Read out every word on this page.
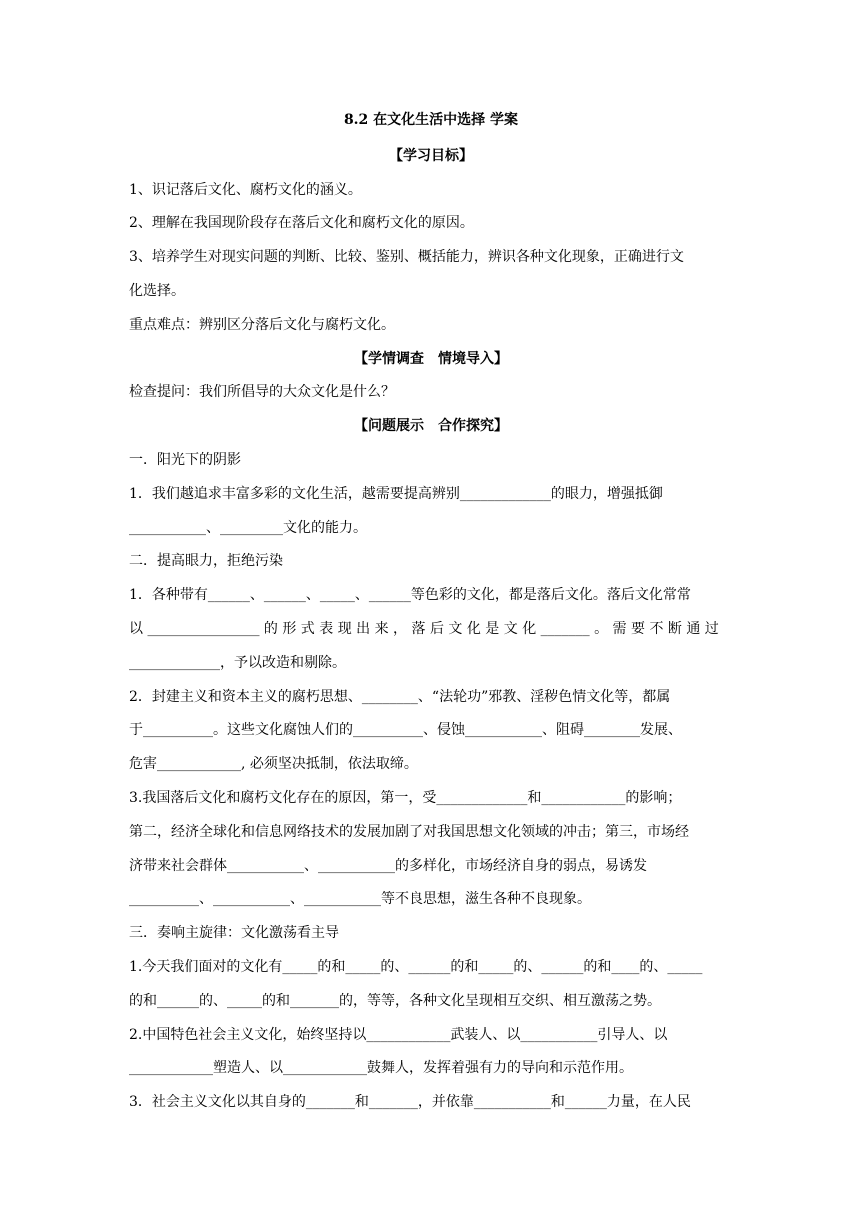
8.2 在文化生活中选择 学案
【学习目标】
1、识记落后文化、腐朽文化的涵义。
2、理解在我国现阶段存在落后文化和腐朽文化的原因。
3、培养学生对现实问题的判断、比较、鉴别、概括能力，辨识各种文化现象，正确进行文
化选择。
重点难点：辨别区分落后文化与腐朽文化。
【学情调查　情境导入】
检查提问：我们所倡导的大众文化是什么？
【问题展示　合作探究】
一．阳光下的阴影
1．我们越追求丰富多彩的文化生活，越需要提高辨别_____________的眼力，增强抵御
___________、_________文化的能力。
二．提高眼力，拒绝污染
1．各种带有______、______、_____、______等色彩的文化，都是落后文化。落后文化常常
以 ________________ 的 形 式 表 现 出 来 ， 落 后 文 化 是 文 化 _______ 。 需 要 不 断 通 过
_____________，予以改造和剔除。
2．封建主义和资本主义的腐朽思想、________、“法轮功”邪教、淫秽色情文化等，都属
于__________。这些文化腐蚀人们的__________、侵蚀___________、阻碍________发展、
危害____________, 必须坚决抵制，依法取缔。
3.我国落后文化和腐朽文化存在的原因，第一，受_____________和____________的影响；
第二，经济全球化和信息网络技术的发展加剧了对我国思想文化领域的冲击；第三，市场经
济带来社会群体___________、___________的多样化，市场经济自身的弱点，易诱发
__________、___________、___________等不良思想，滋生各种不良现象。
三．奏响主旋律：文化激荡看主导
1.今天我们面对的文化有_____的和_____的、______的和_____的、______的和____的、_____
的和______的、_____的和_______的，等等，各种文化呈现相互交织、相互激荡之势。
2.中国特色社会主义文化，始终坚持以____________武装人、以___________引导人、以
____________塑造人、以____________鼓舞人，发挥着强有力的导向和示范作用。
3．社会主义文化以其自身的_______和_______，并依靠___________和______力量，在人民
